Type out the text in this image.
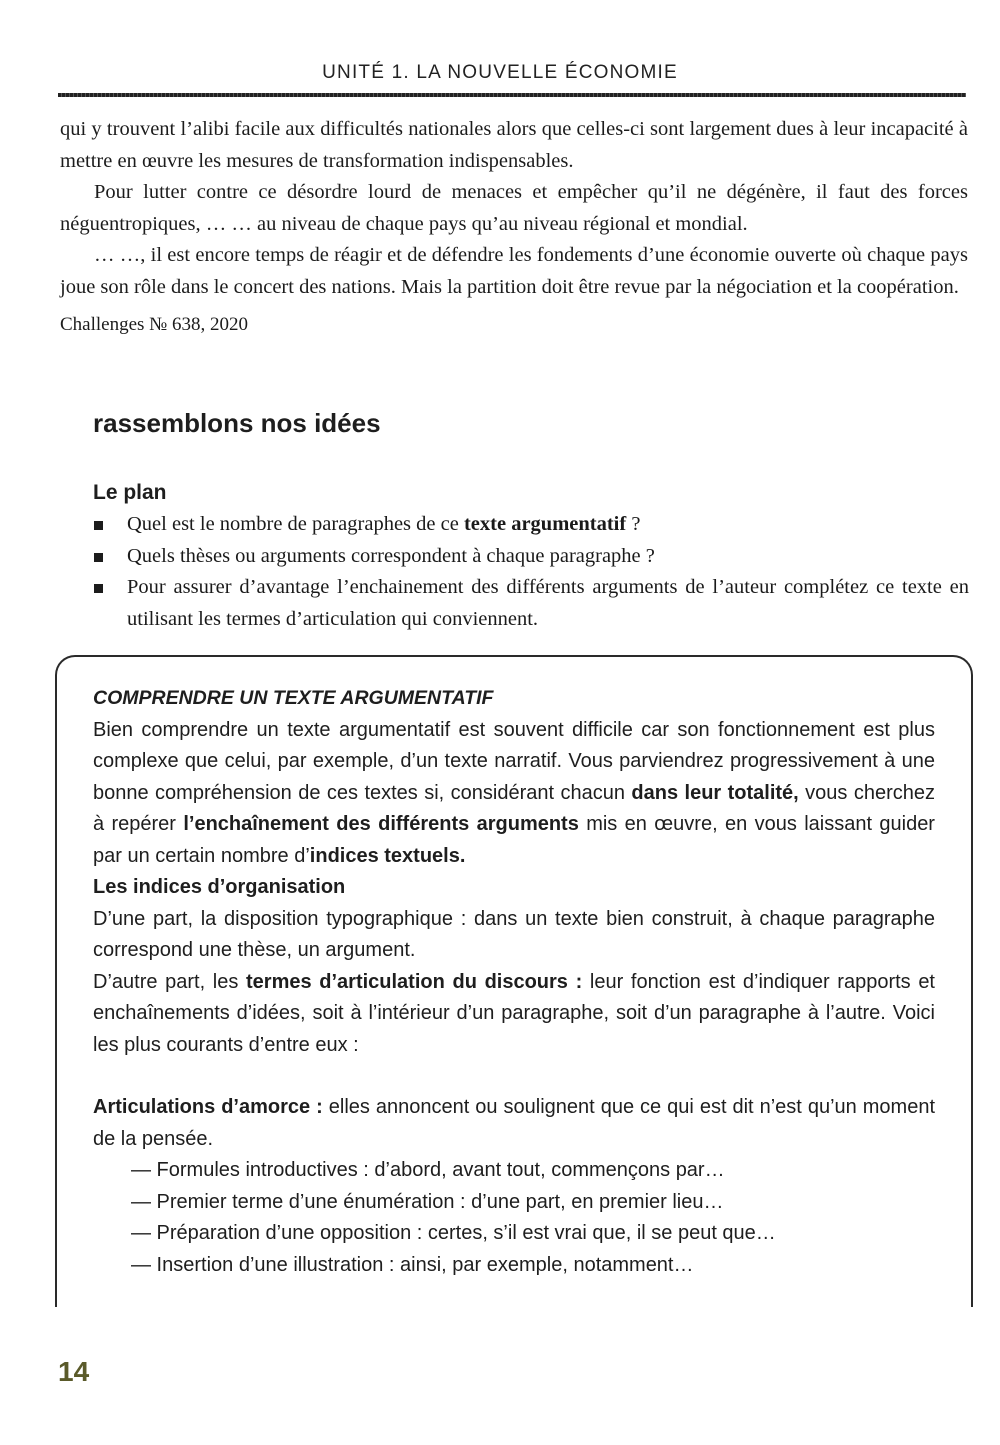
UNITÉ 1. LA NOUVELLE ÉCONOMIE

qui y trouvent l’alibi facile aux difficultés nationales alors que celles-ci sont largement dues à leur incapacité à mettre en œuvre les mesures de transformation indispensables.

Pour lutter contre ce désordre lourd de menaces et empêcher qu’il ne dégénère, il faut des forces néguentropiques, … … au niveau de chaque pays qu’au niveau régional et mondial.

… …, il est encore temps de réagir et de défendre les fondements d’une économie ouverte où chaque pays joue son rôle dans le concert des nations. Mais la partition doit être revue par la négociation et la coopération.

Challenges № 638, 2020

rassemblons nos idées
Le plan
Quel est le nombre de paragraphes de ce texte argumentatif ?
Quels thèses ou arguments correspondent à chaque paragraphe ?
Pour assurer d’avantage l’enchainement des différents arguments de l’auteur complétez ce texte en utilisant les termes d’articulation qui conviennent.

COMPRENDRE UN TEXTE ARGUMENTATIF

Bien comprendre un texte argumentatif est souvent difficile car son fonctionnement est plus complexe que celui, par exemple, d’un texte narratif. Vous parviendrez progressivement à une bonne compréhension de ces textes si, considérant chacun dans leur totalité, vous cherchez à repérer l’enchaînement des différents arguments mis en œuvre, en vous laissant guider par un certain nombre d’indices textuels.

Les indices d’organisation

D’une part, la disposition typographique : dans un texte bien construit, à chaque paragraphe correspond une thèse, un argument.

D’autre part, les termes d’articulation du discours : leur fonction est d’indiquer rapports et enchaînements d’idées, soit à l’intérieur d’un paragraphe, soit d’un paragraphe à l’autre. Voici les plus courants d’entre eux :

Articulations d’amorce : elles annoncent ou soulignent que ce qui est dit n’est qu’un moment de la pensée.

— Formules introductives : d’abord, avant tout, commençons par…
— Premier terme d’une énumération : d’une part, en premier lieu…
— Préparation d’une opposition : certes, s’il est vrai que, il se peut que…
— Insertion d’une illustration : ainsi, par exemple, notamment…
14
